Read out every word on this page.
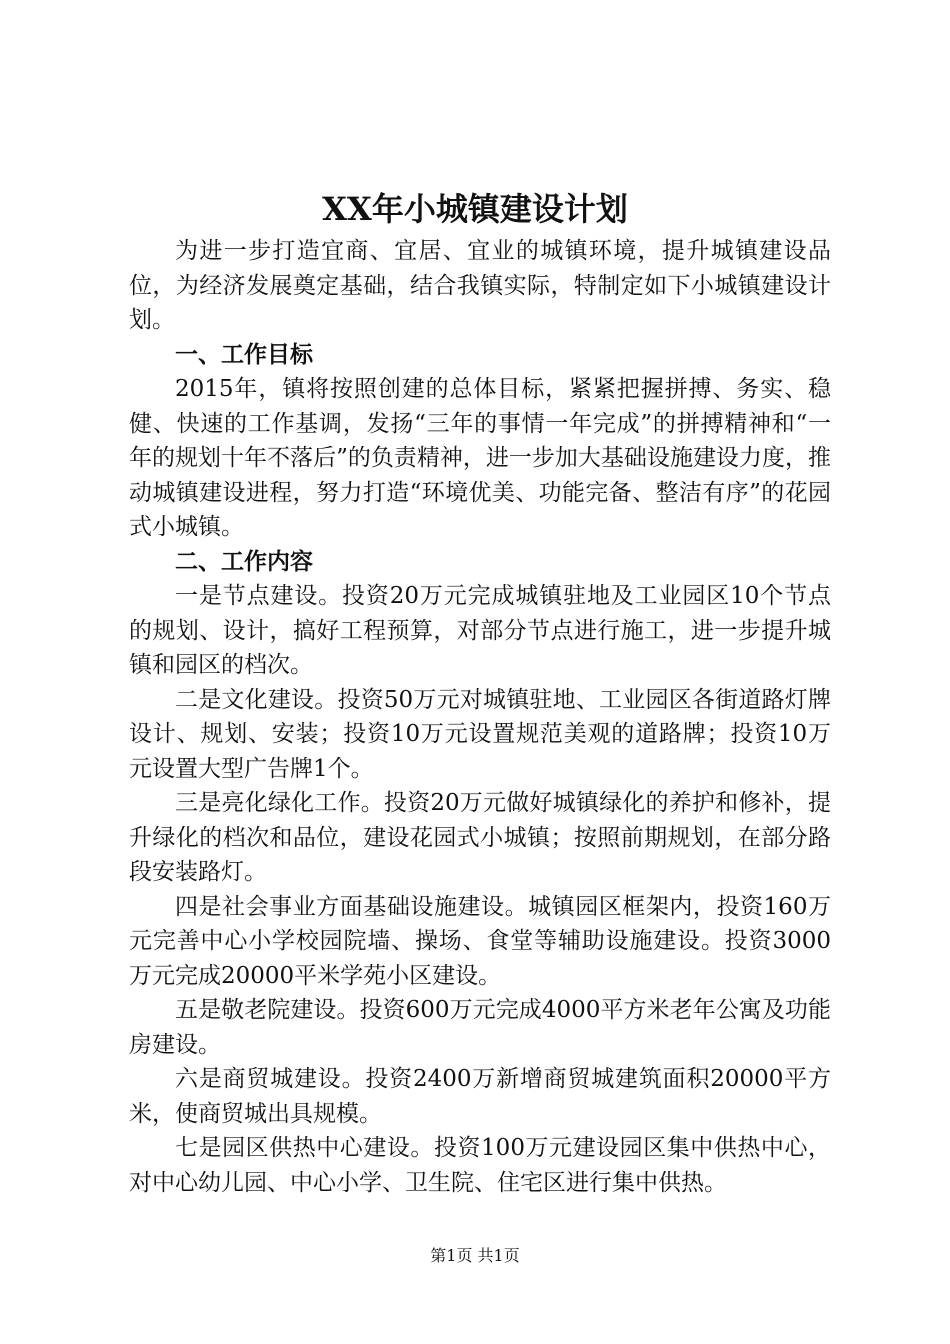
XX年小城镇建设计划

为进一步打造宜商、宜居、宜业的城镇环境，提升城镇建设品位，为经济发展奠定基础，结合我镇实际，特制定如下小城镇建设计划。

一、工作目标

2015年，镇将按照创建的总体目标，紧紧把握拼搏、务实、稳健、快速的工作基调，发扬“三年的事情一年完成”的拼搏精神和“一年的规划十年不落后”的负责精神，进一步加大基础设施建设力度，推动城镇建设进程，努力打造“环境优美、功能完备、整洁有序”的花园式小城镇。

二、工作内容

一是节点建设。投资20万元完成城镇驻地及工业园区10个节点的规划、设计，搞好工程预算，对部分节点进行施工，进一步提升城镇和园区的档次。

二是文化建设。投资50万元对城镇驻地、工业园区各街道路灯牌设计、规划、安装；投资10万元设置规范美观的道路牌；投资10万元设置大型广告牌1个。

三是亮化绿化工作。投资20万元做好城镇绿化的养护和修补，提升绿化的档次和品位，建设花园式小城镇；按照前期规划，在部分路段安装路灯。

四是社会事业方面基础设施建设。城镇园区框架内，投资160万元完善中心小学校园院墙、操场、食堂等辅助设施建设。投资3000万元完成20000平米学苑小区建设。

五是敬老院建设。投资600万元完成4000平方米老年公寓及功能房建设。

六是商贸城建设。投资2400万新增商贸城建筑面积20000平方米，使商贸城出具规模。

七是园区供热中心建设。投资100万元建设园区集中供热中心，对中心幼儿园、中心小学、卫生院、住宅区进行集中供热。

第1页 共1页
